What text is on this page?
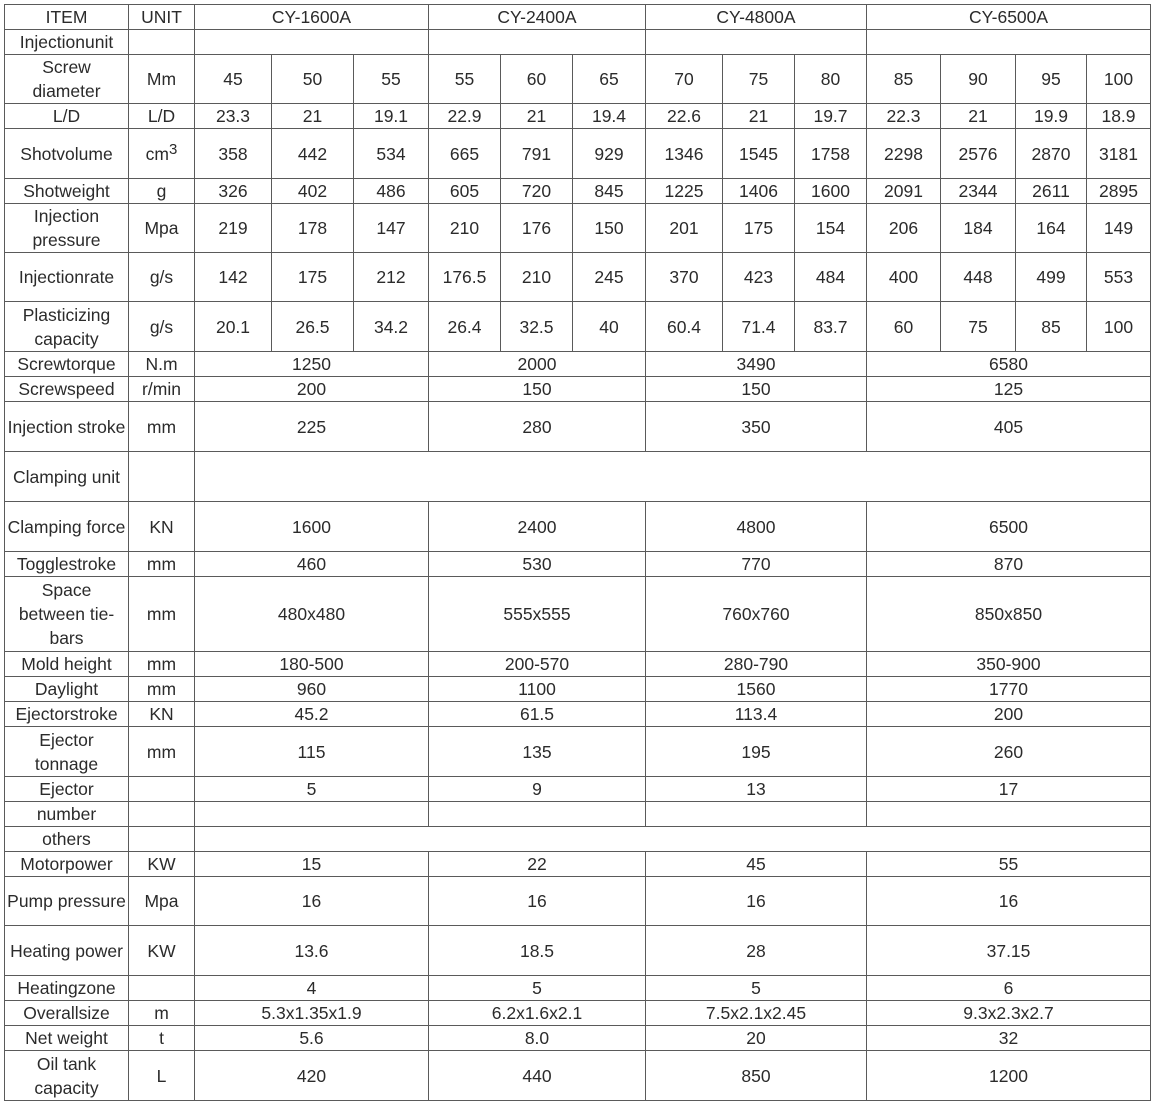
ITEM	UNIT	CY-1600A			CY-2400A			CY-4800A			CY-6500A			
Injectionunit														
Screw diameter	Mm	45	50	55	55	60	65	70	75	80	85	90	95	100
L/D	L/D	23.3	21	19.1	22.9	21	19.4	22.6	21	19.7	22.3	21	19.9	18.9
Shotvolume	$cm^3$	358	442	534	665	791	929	1346	1545	1758	2298	2576	2870	3181
Shotweight	g	326	402	486	605	720	845	1225	1406	1600	2091	2344	2611	2895
Injection pressure	Mpa	219	178	147	210	176	150	201	175	154	206	184	164	149
Injectionrate	g/s	142	175	212	176.5	210	245	370	423	484	400	448	499	553
Plasticizing capacity	g/s	20.1	26.5	34.2	26.4	32.5	40	60.4	71.4	83.7	60	75	85	100
Screwtorque	N.m	1250			2000			3490			6580			
Screwspeed	r/min	200			150			150			125			
Injection stroke	mm	225			280			350			405			
Clamping unit														
Clamping force	KN	1600			2400			4800			6500			
Togglestroke	mm	460			530			770			870			
Space between tie-bars	mm	480x480			555x555			760x760			850x850			
Mold height	mm	180-500			200-570			280-790			350-900			
Daylight	mm	960			1100			1560			1770			
Ejectorstroke	KN	45.2			61.5			113.4			200			
Ejector tonnage	mm	115			135			195			260			
Ejector		5			9			13			17			
number														
others														
Motorpower	KW	15			22			45			55			
Pump pressure	Mpa	16			16			16			16			
Heating power	KW	13.6			18.5			28			37.15			
Heatingzone		4			5			5			6			
Overallsize	m	5.3x1.35x1.9			6.2x1.6x2.1			7.5x2.1x2.45			9.3x2.3x2.7			
Net weight	t	5.6			8.0			20			32			
Oil tank capacity	L	420			440			850			1200			
